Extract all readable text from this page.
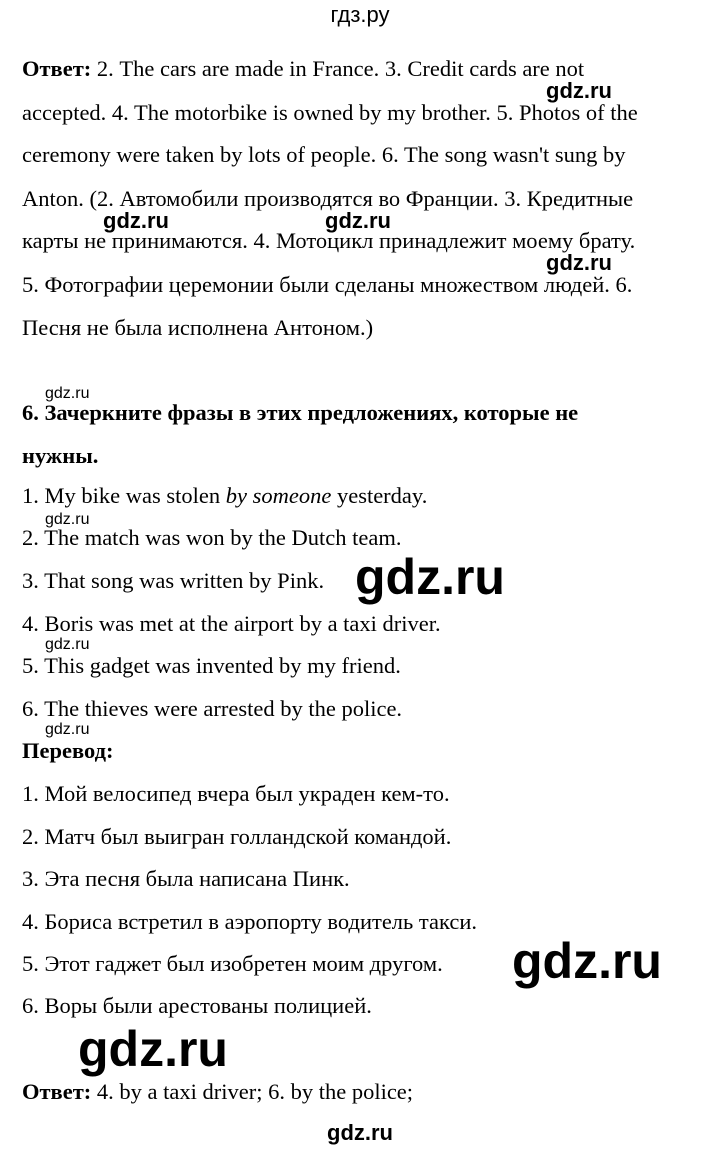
гдз.ру
Ответ: 2. The cars are made in France. 3. Credit cards are not
accepted. 4. The motorbike is owned by my brother. 5. Photos of the
ceremony were taken by lots of people. 6. The song wasn't sung by
Anton. (2. Автомобили производятся во Франции. 3. Кредитные
карты не принимаются. 4. Мотоцикл принадлежит моему брату.
5. Фотографии церемонии были сделаны множеством людей. 6.
Песня не была исполнена Антоном.)
6. Зачеркните фразы в этих предложениях, которые не
нужны.
1. My bike was stolen by someone yesterday.
2. The match was won by the Dutch team.
3. That song was written by Pink.
4. Boris was met at the airport by a taxi driver.
5. This gadget was invented by my friend.
6. The thieves were arrested by the police.
Перевод:
1. Мой велосипед вчера был украден кем-то.
2. Матч был выигран голландской командой.
3. Эта песня была написана Пинк.
4. Бориса встретил в аэропорту водитель такси.
5. Этот гаджет был изобретен моим другом.
6. Воры были арестованы полицией.
Ответ: 4. by a taxi driver; 6. by the police;
gdz.ru
gdz.ru	gdz.ru
gdz.ru
gdz.ru
gdz.ru
gdz.ru
gdz.ru
gdz.ru
gdz.ru
gdz.ru
gdz.ru
